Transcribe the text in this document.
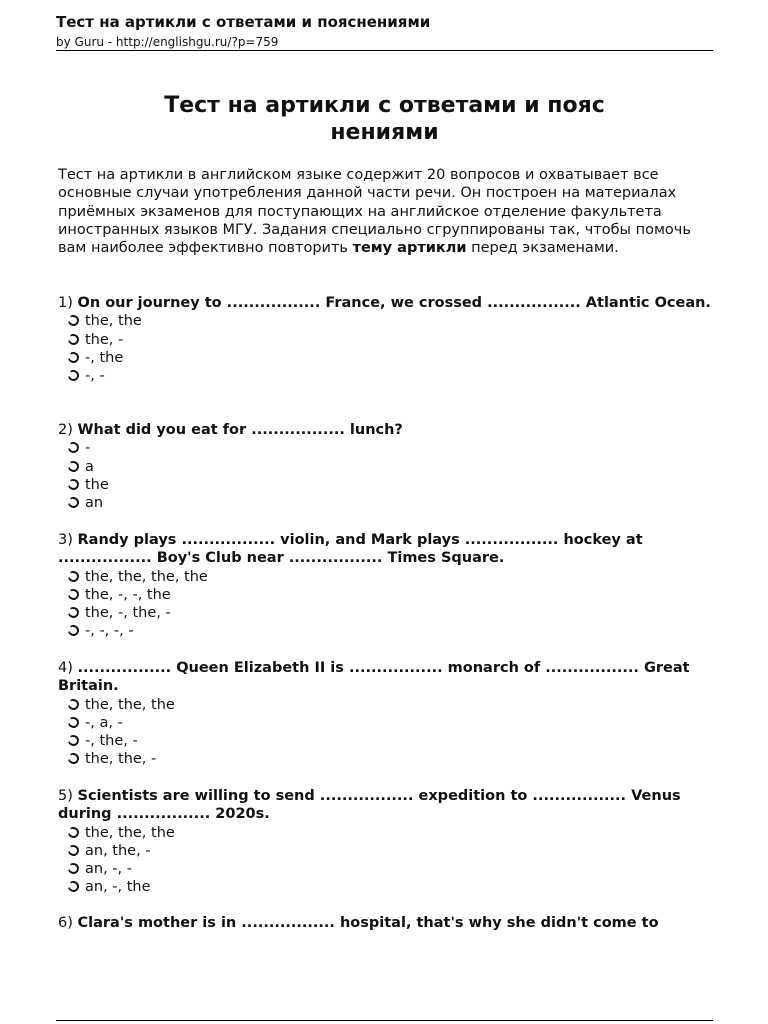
Тест на артикли с ответами и пояснениями
by Guru - http://englishgu.ru/?p=759
Тест на артикли с ответами и пояс
нениями
Тест на артикли в английском языке содержит 20 вопросов и охватывает все основные случаи употребления данной части речи. Он построен на материалах приёмных экзаменов для поступающих на английское отделение факультета иностранных языков МГУ. Задания специально сгруппированы так, чтобы помочь вам наиболее эффективно повторить тему артикли перед экзаменами.
1) On our journey to ................. France, we crossed ................. Atlantic Ocean.
the, the
the, -
-, the
-, -
2) What did you eat for ................. lunch?
-
a
the
an
3) Randy plays ................. violin, and Mark plays ................. hockey at ................. Boy's Club near ................. Times Square.
the, the, the, the
the, -, -, the
the, -, the, -
-, -, -, -
4) ................. Queen Elizabeth II is ................. monarch of ................. Great Britain.
the, the, the
-, a, -
-, the, -
the, the, -
5) Scientists are willing to send ................. expedition to ................. Venus during ................. 2020s.
the, the, the
an, the, -
an, -, -
an, -, the
6) Clara's mother is in ................. hospital, that's why she didn't come to
